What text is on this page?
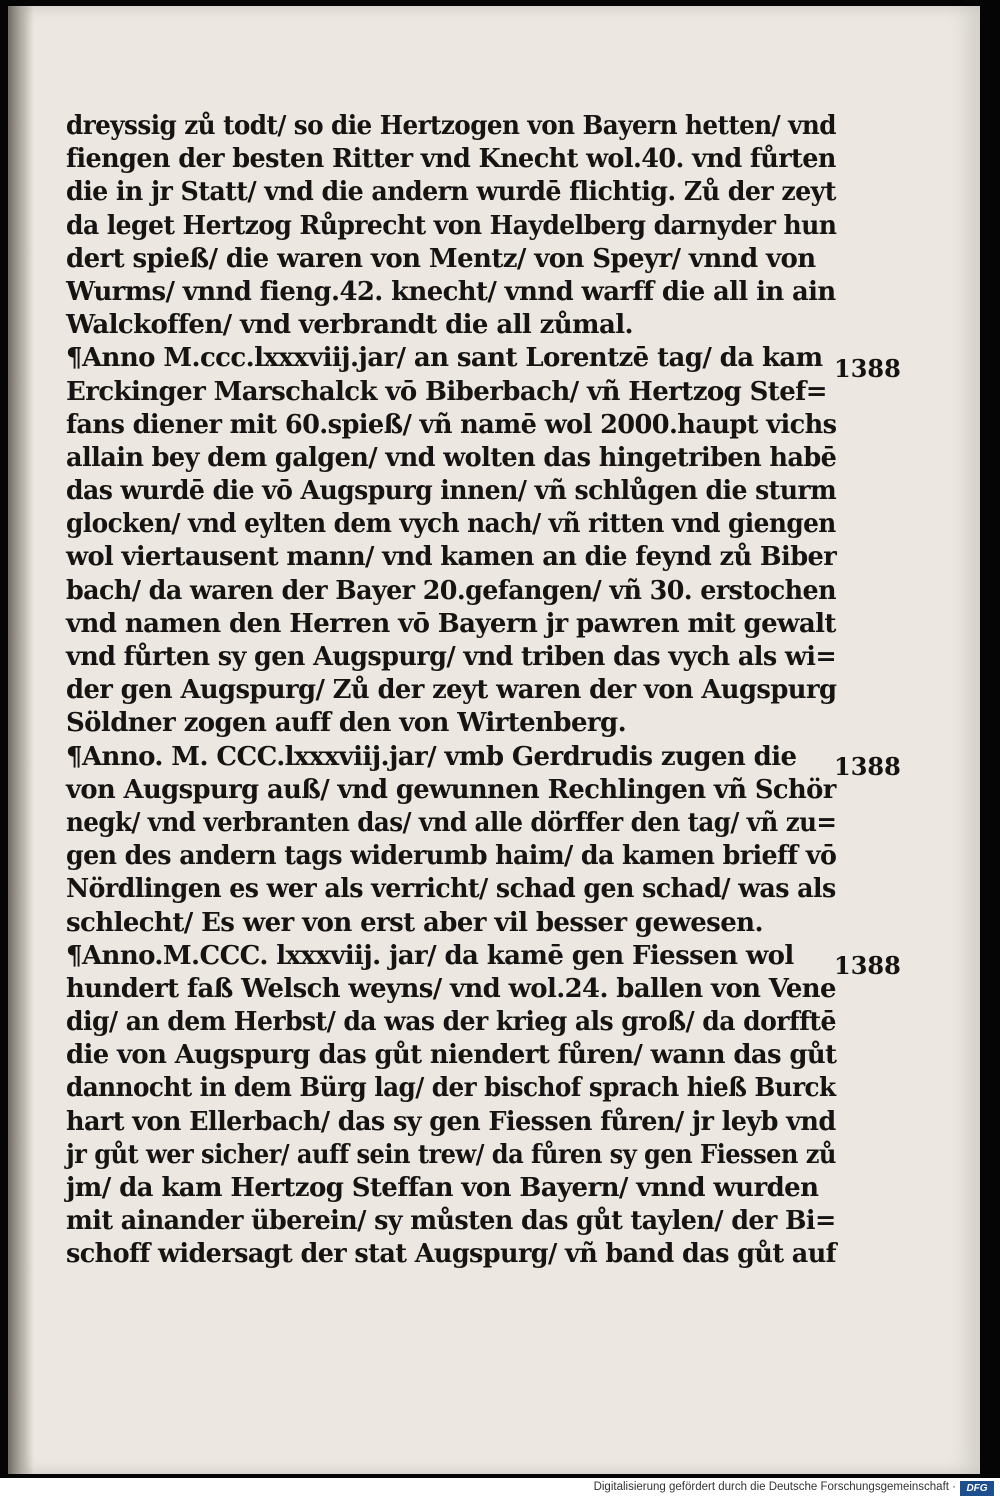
dreyssig zů todt/ so die Hertzogen von Bayern hetten/ vnd
fiengen der besten Ritter vnd Knecht wol.40. vnd fůrten
die in jr Statt/ vnd die andern wurdē flichtig. Zů der zeyt
da leget Hertzog Růprecht von Haydelberg darnyder hun
dert spieß/ die waren von Mentz/ von Speyr/ vnnd von
Wurms/ vnnd fieng.42. knecht/ vnnd warff die all in ain
Walckoffen/ vnd verbrandt die all zůmal.
¶Anno M.ccc.lxxxviij.jar/ an sant Lorentzē tag/ da kam
Erckinger Marschalck vō Biberbach/ vñ Hertzog Stef=
fans diener mit 60.spieß/ vñ namē wol 2000.haupt vichs
allain bey dem galgen/ vnd wolten das hingetriben habē
das wurdē die vō Augspurg innen/ vñ schlůgen die sturm
glocken/ vnd eylten dem vych nach/ vñ ritten vnd giengen
wol viertausent mann/ vnd kamen an die feynd zů Biber
bach/ da waren der Bayer 20.gefangen/ vñ 30. erstochen
vnd namen den Herren vō Bayern jr pawren mit gewalt
vnd fůrten sy gen Augspurg/ vnd triben das vych als wi=
der gen Augspurg/ Zů der zeyt waren der von Augspurg
Söldner zogen auff den von Wirtenberg.
¶Anno. M. CCC.lxxxviij.jar/ vmb Gerdrudis zugen die
von Augspurg auß/ vnd gewunnen Rechlingen vñ Schör
negk/ vnd verbranten das/ vnd alle dörffer den tag/ vñ zu=
gen des andern tags widerumb haim/ da kamen brieff vō
Nördlingen es wer als verricht/ schad gen schad/ was als
schlecht/ Es wer von erst aber vil besser gewesen.
¶Anno.M.CCC. lxxxviij. jar/ da kamē gen Fiessen wol
hundert faß Welsch weyns/ vnd wol.24. ballen von Vene
dig/ an dem Herbst/ da was der krieg als groß/ da dorfftē
die von Augspurg das gůt niendert fůren/ wann das gůt
dannocht in dem Bürg lag/ der bischof sprach hieß Burck
hart von Ellerbach/ das sy gen Fiessen fůren/ jr leyb vnd
jr gůt wer sicher/ auff sein trew/ da fůren sy gen Fiessen zů
jm/ da kam Hertzog Steffan von Bayern/ vnnd wurden
mit ainander überein/ sy můsten das gůt taylen/ der Bi=
schoff widersagt der stat Augspurg/ vñ band das gůt auf
1388
1388
1388
Digitalisierung gefördert durch die Deutsche Forschungsgemeinschaft ·	DFG
